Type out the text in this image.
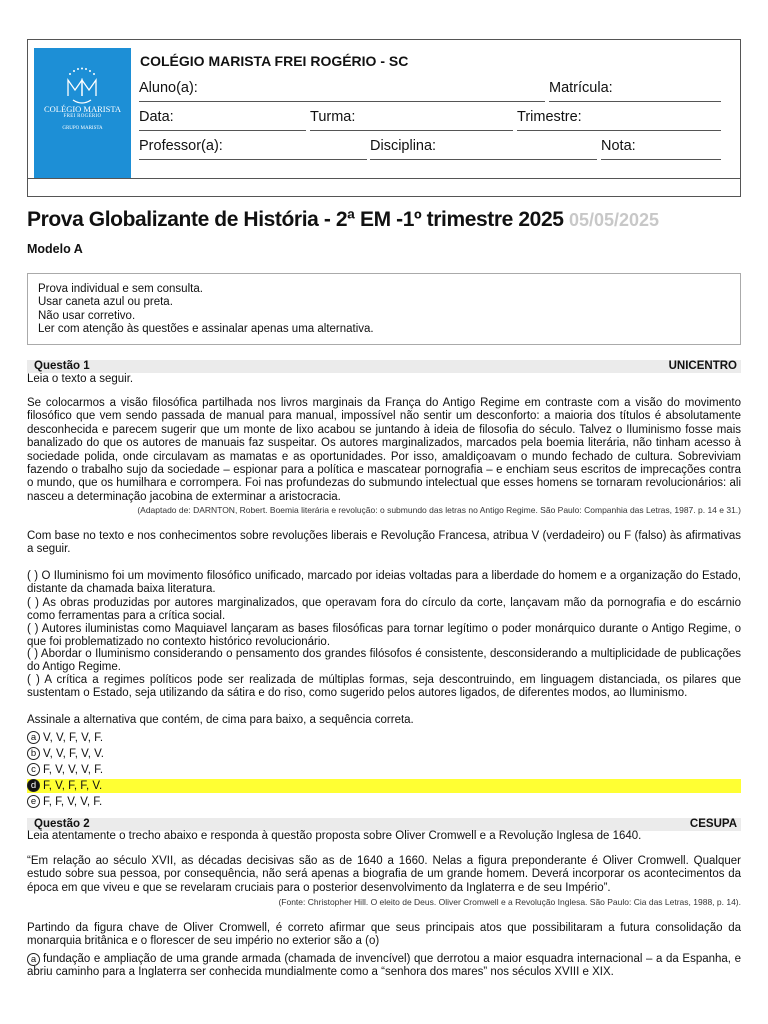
COLÉGIO MARISTA
FREI ROGÉRIO
GRUPO MARISTA
COLÉGIO MARISTA FREI ROGÉRIO - SC
Aluno(a):	Matrícula:
Data:	Turma:	Trimestre:
Professor(a):	Disciplina:	Nota:
Prova Globalizante de História - 2ª EM -1º trimestre 2025 05/05/2025
Modelo A
Prova individual e sem consulta.
Usar caneta azul ou preta.
Não usar corretivo.
Ler com atenção às questões e assinalar apenas uma alternativa.
Questão 1	UNICENTRO
Leia o texto a seguir.
Se colocarmos a visão filosófica partilhada nos livros marginais da França do Antigo Regime em contraste com a visão do movimento filosófico que vem sendo passada de manual para manual, impossível não sentir um desconforto: a maioria dos títulos é absolutamente desconhecida e parecem sugerir que um monte de lixo acabou se juntando à ideia de filosofia do século. Talvez o Iluminismo fosse mais banalizado do que os autores de manuais faz suspeitar. Os autores marginalizados, marcados pela boemia literária, não tinham acesso à sociedade polida, onde circulavam as mamatas e as oportunidades. Por isso, amaldiçoavam o mundo fechado de cultura. Sobreviviam fazendo o trabalho sujo da sociedade – espionar para a política e mascatear pornografia – e enchiam seus escritos de imprecações contra o mundo, que os humilhara e corrompera. Foi nas profundezas do submundo intelectual que esses homens se tornaram revolucionários: ali nasceu a determinação jacobina de exterminar a aristocracia.
(Adaptado de: DARNTON, Robert. Boemia literária e revolução: o submundo das letras no Antigo Regime. São Paulo: Companhia das Letras, 1987. p. 14 e 31.)
Com base no texto e nos conhecimentos sobre revoluções liberais e Revolução Francesa, atribua V (verdadeiro) ou F (falso) às afirmativas a seguir.
( ) O Iluminismo foi um movimento filosófico unificado, marcado por ideias voltadas para a liberdade do homem e a organização do Estado, distante da chamada baixa literatura.
( ) As obras produzidas por autores marginalizados, que operavam fora do círculo da corte, lançavam mão da pornografia e do escárnio como ferramentas para a crítica social.
( ) Autores iluministas como Maquiavel lançaram as bases filosóficas para tornar legítimo o poder monárquico durante o Antigo Regime, o que foi problematizado no contexto histórico revolucionário.
( ) Abordar o Iluminismo considerando o pensamento dos grandes filósofos é consistente, desconsiderando a multiplicidade de publicações do Antigo Regime.
( ) A crítica a regimes políticos pode ser realizada de múltiplas formas, seja descontruindo, em linguagem distanciada, os pilares que sustentam o Estado, seja utilizando da sátira e do riso, como sugerido pelos autores ligados, de diferentes modos, ao Iluminismo.
Assinale a alternativa que contém, de cima para baixo, a sequência correta.
a V, V, F, V, F.
b V, V, F, V, V.
c F, V, V, V, F.
d F, V, F, F, V.
e F, F, V, V, F.
Questão 2	CESUPA
Leia atentamente o trecho abaixo e responda à questão proposta sobre Oliver Cromwell e a Revolução Inglesa de 1640.
“Em relação ao século XVII, as décadas decisivas são as de 1640 a 1660. Nelas a figura preponderante é Oliver Cromwell. Qualquer estudo sobre sua pessoa, por consequência, não será apenas a biografia de um grande homem. Deverá incorporar os acontecimentos da época em que viveu e que se revelaram cruciais para o posterior desenvolvimento da Inglaterra e de seu Império”.
(Fonte: Christopher Hill. O eleito de Deus. Oliver Cromwell e a Revolução Inglesa. São Paulo: Cia das Letras, 1988, p. 14).
Partindo da figura chave de Oliver Cromwell, é correto afirmar que seus principais atos que possibilitaram a futura consolidação da monarquia britânica e o florescer de seu império no exterior são a (o)
a fundação e ampliação de uma grande armada (chamada de invencível) que derrotou a maior esquadra internacional – a da Espanha, e abriu caminho para a Inglaterra ser conhecida mundialmente como a “senhora dos mares” nos séculos XVIII e XIX.
